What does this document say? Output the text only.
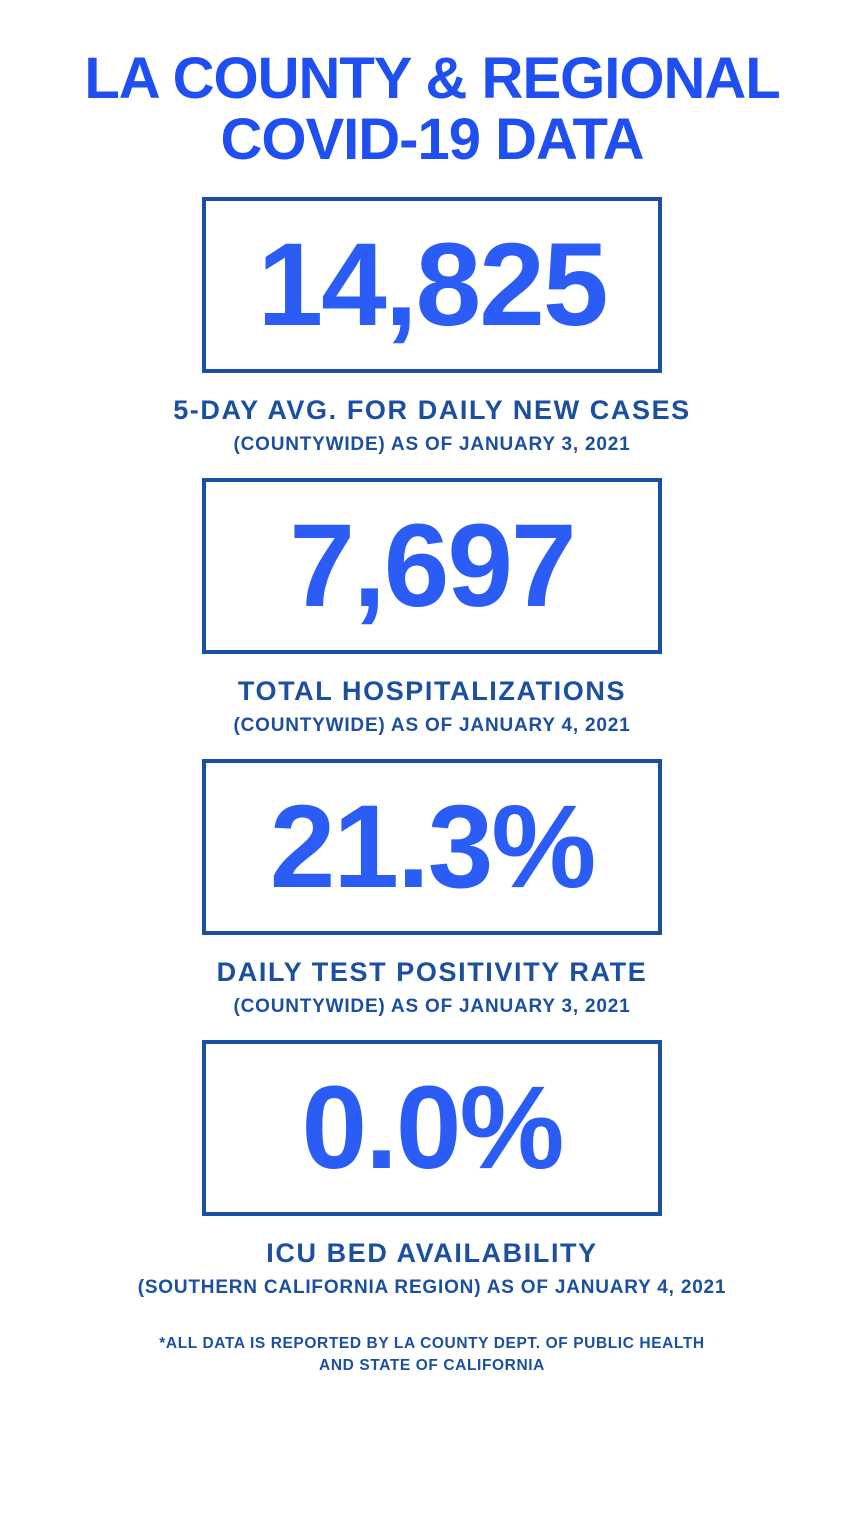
LA COUNTY & REGIONAL
COVID-19 DATA
14,825
5-DAY AVG. FOR DAILY NEW CASES
(COUNTYWIDE) AS OF JANUARY 3, 2021
7,697
TOTAL HOSPITALIZATIONS
(COUNTYWIDE) AS OF JANUARY 4, 2021
21.3%
DAILY TEST POSITIVITY RATE
(COUNTYWIDE) AS OF JANUARY 3, 2021
0.0%
ICU BED AVAILABILITY
(SOUTHERN CALIFORNIA REGION) AS OF JANUARY 4, 2021
*ALL DATA IS REPORTED BY LA COUNTY DEPT. OF PUBLIC HEALTH
AND STATE OF CALIFORNIA
